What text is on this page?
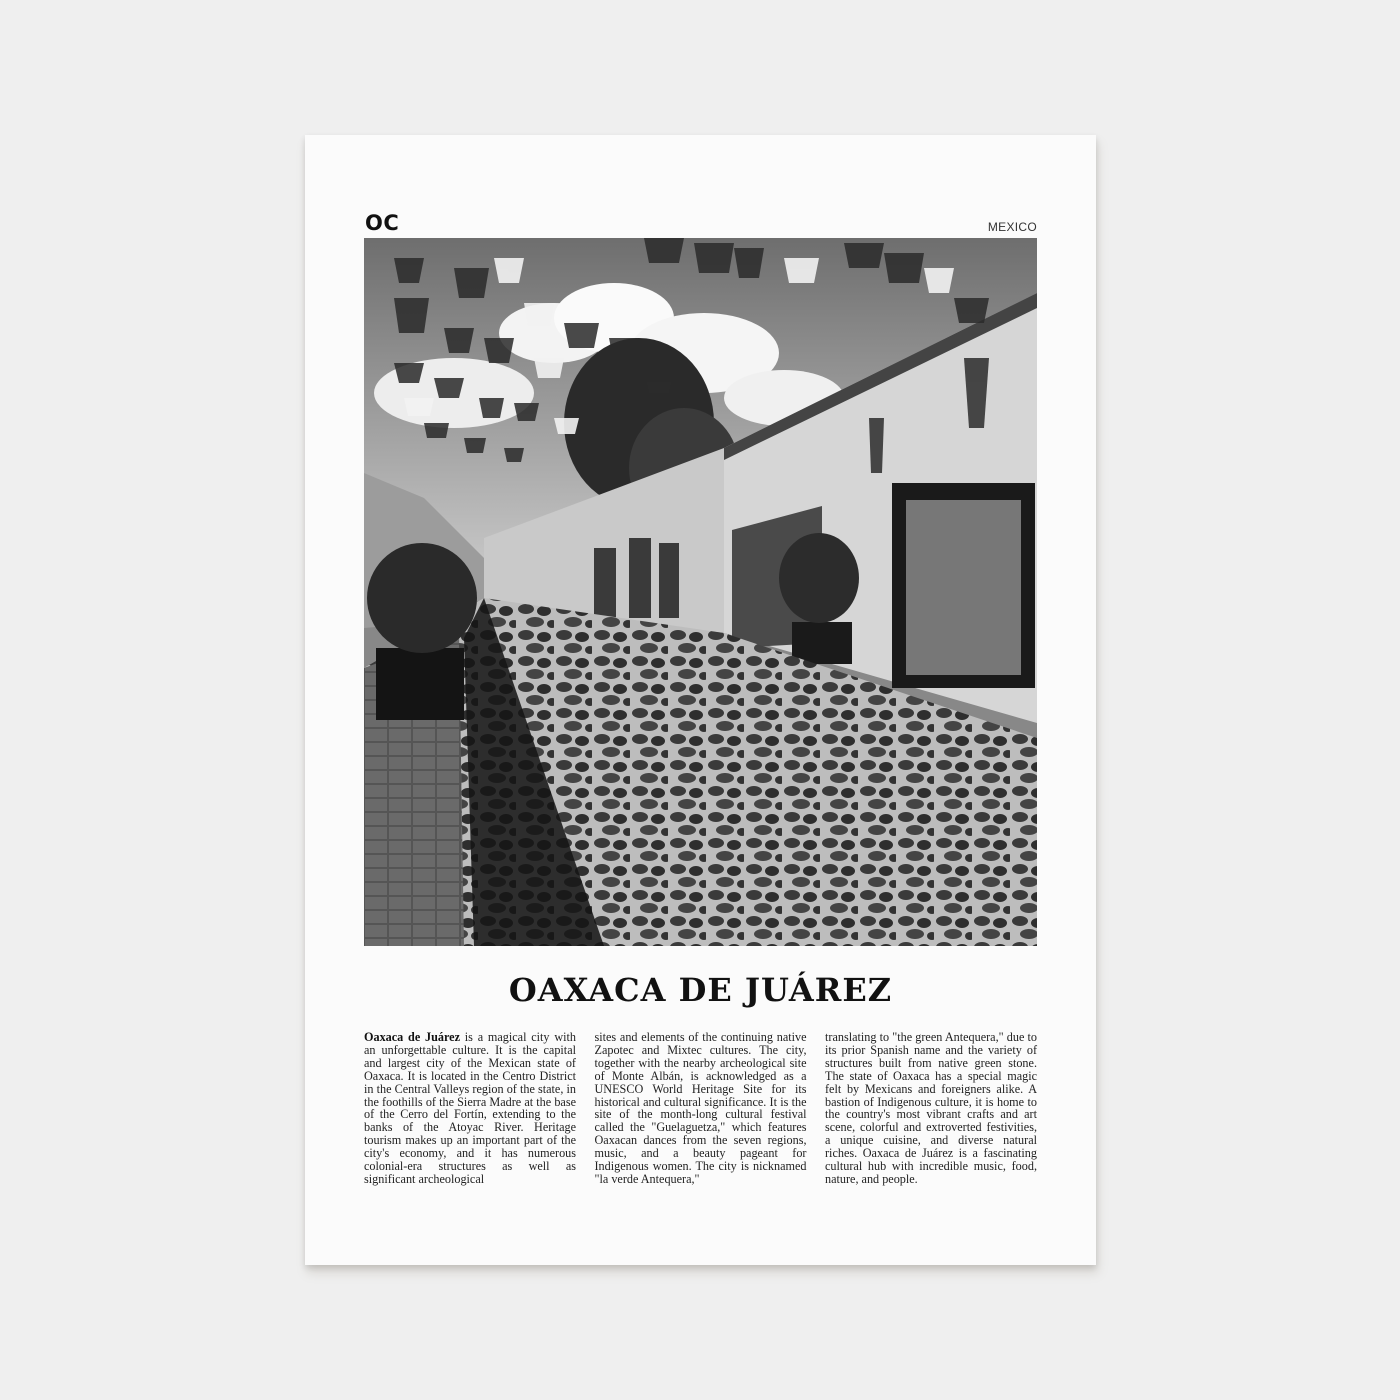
OC	MEXICO
OAXACA DE JUÁREZ

Oaxaca de Juárez is a magical city with an unforgettable culture. It is the capital and largest city of the Mexican state of Oaxaca. It is located in the Centro District in the Central Valleys region of the state, in the foothills of the Sierra Madre at the base of the Cerro del Fortín, extending to the banks of the Atoyac River. Heritage tourism makes up an important part of the city's economy, and it has numerous colonial-era structures as well as significant archeological

sites and elements of the continuing native Zapotec and Mixtec cultures. The city, together with the nearby archeological site of Monte Albán, is acknowledged as a UNESCO World Heritage Site for its historical and cultural significance. It is the site of the month-long cultural festival called the "Guelaguetza," which features Oaxacan dances from the seven regions, music, and a beauty pageant for Indigenous women. The city is nicknamed "la verde Antequera,"

translating to "the green Antequera," due to its prior Spanish name and the variety of structures built from native green stone. The state of Oaxaca has a special magic felt by Mexicans and foreigners alike. A bastion of Indigenous culture, it is home to the country's most vibrant crafts and art scene, colorful and extroverted festivities, a unique cuisine, and diverse natural riches. Oaxaca de Juárez is a fascinating cultural hub with incredible music, food, nature, and people.
